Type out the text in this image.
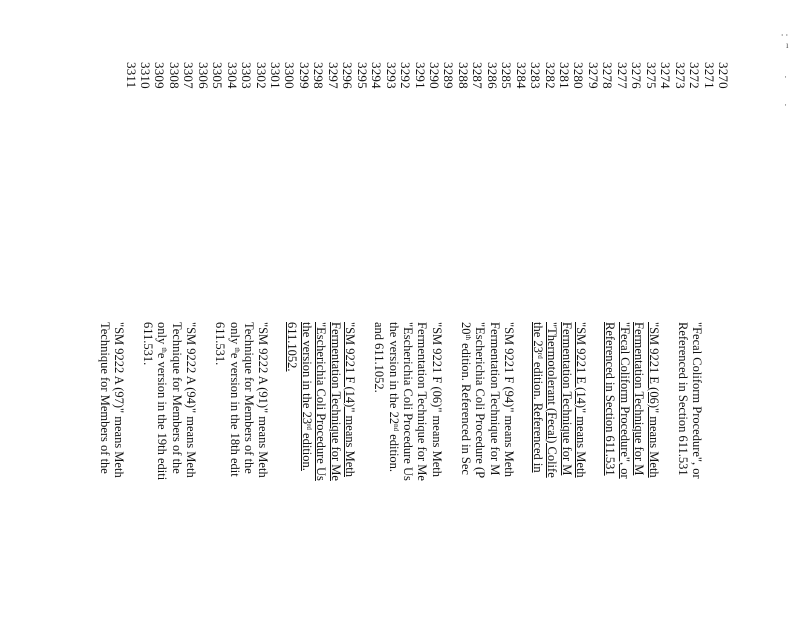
3270
3271
3272
3273
3274
3275
3276
3277
3278
3279
3280
3281
3282
3283
3284
3285
3286
3287
3288
3289
3290
3291
3292
3293
3294
3295
3296
3297
3298
3299
3300
3301
3302
3303
3304
3305
3306
3307
3308
3309
3310
3311
"Fecal Coliform Procedure", or
Referenced in Section 611.531
"SM 9221 E (06)" means Meth
Fermentation Technique for M
"Fecal Coliform Procedure", or
Referenced in Section 611.531
"SM 9221 E (14)" means Meth
Fermentation Technique for M
"Thermotolerant (Fecal) Colife
the 23rd edition. Referenced in
"SM 9221 F (94)" means Meth
Fermentation Technique for M
"Escherichia Coli Procedure (P
20th edition. Referenced in Sec
"SM 9221 F (06)" means Meth
Fermentation Technique for Me
"Escherichia Coli Procedure Us
the version in the 22nd edition.
and 611.1052.
"SM 9221 F (14)" means Meth
Fermentation Technique for Me
"Escherichia Coli Procedure Us
the version in the 23rd edition.
611.1052.
"SM 9222 A (91)" means Meth
Technique for Members of the
only $^{th}$e version in the 18th edit
611.531.
"SM 9222 A (94)" means Meth
Technique for Members of the
only $^{th}$e version in the 19th editi
611.531.
"SM 9222 A (97)" means Meth
Technique for Members of the
⸱ ⸱
ı
·
·
